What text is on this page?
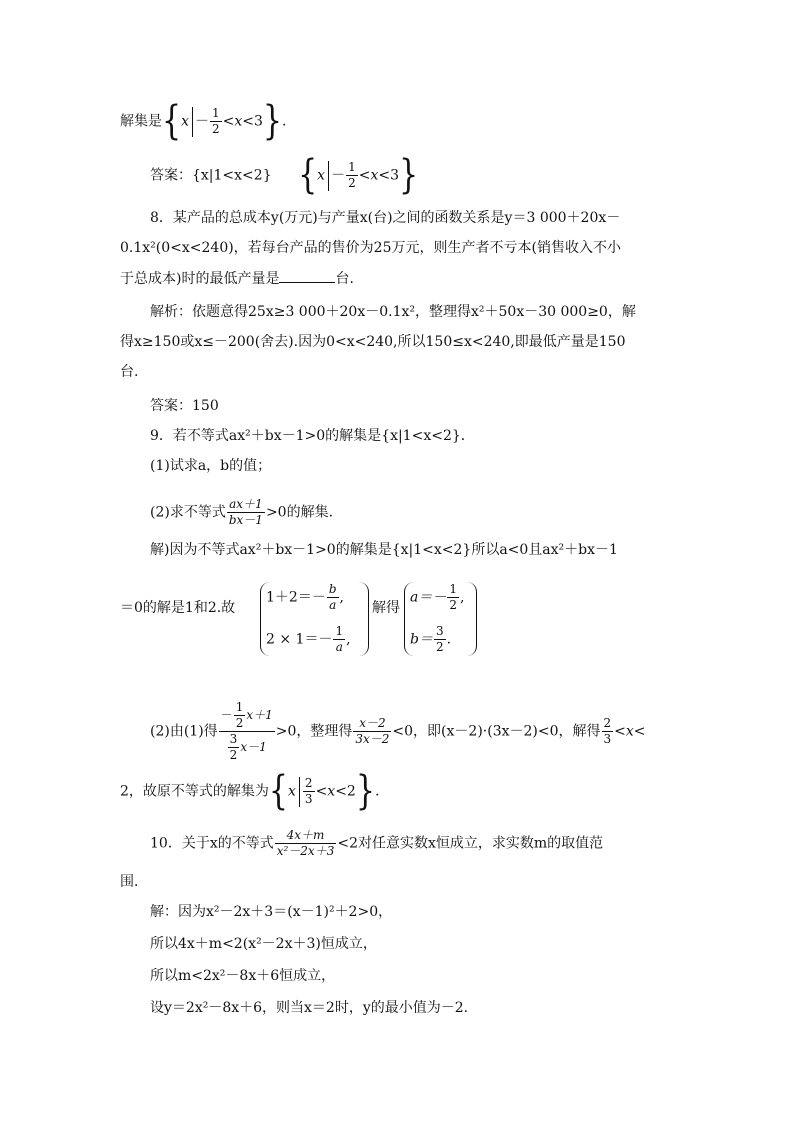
解集是$\{x - \frac{1}{2} <x<3\}$.
答案：{x|1<x<2} $\{x - \frac{1}{2} <x<3\}$
8．某产品的总成本y(万元)与产量x(台)之间的函数关系是y＝3 000＋20x－
0.1x²(0<x<240)，若每台产品的售价为25万元，则生产者不亏本(销售收入不小
于总成本)时的最低产量是	台．
解析：依题意得25x≥3 000＋20x－0.1x²，整理得x²＋50x－30 000≥0，解
得x≥150或x≤－200(舍去).因为0<x<240,所以150≤x<240,即最低产量是150
台.
答案：150
9．若不等式ax²＋bx－1>0的解集是{x|1<x<2}．
(1)试求a，b的值；
(2)求不等式 $\frac{ax+1}{bx-1} >0$的解集．
解)因为不等式ax²＋bx－1>0的解集是{x|1<x<2}所以a<0且ax²＋bx－1
＝0的解是1和2.故
$1+2=- \frac{b}{a}$ ,
$2 \times 1=- \frac{1}{a}$ ,
解得
$a=- \frac{1}{2}$ ,
$b= \frac{3}{2}$ .
(2)由(1)得 $\frac{- \frac{1}{2} x+1}{\frac{3}{2} x-1} >0$，整理得 $\frac{x-2}{3x-2} <0$，即(x－2)·(3x－2)<0，解得 $\frac{2}{3} <x<$
2，故原不等式的解集为$\{x \frac{2}{3} <x<2\}$.
10．关于x的不等式 $\frac{4x+m}{\text{x²－2x＋3}} <2$对任意实数x恒成立，求实数m的取值范
围．
解：因为x²－2x＋3＝(x－1)²＋2>0，
所以4x＋m<2(x²－2x＋3)恒成立，
所以m<2x²－8x＋6恒成立，
设y＝2x²－8x＋6，则当x＝2时，y的最小值为－2.
